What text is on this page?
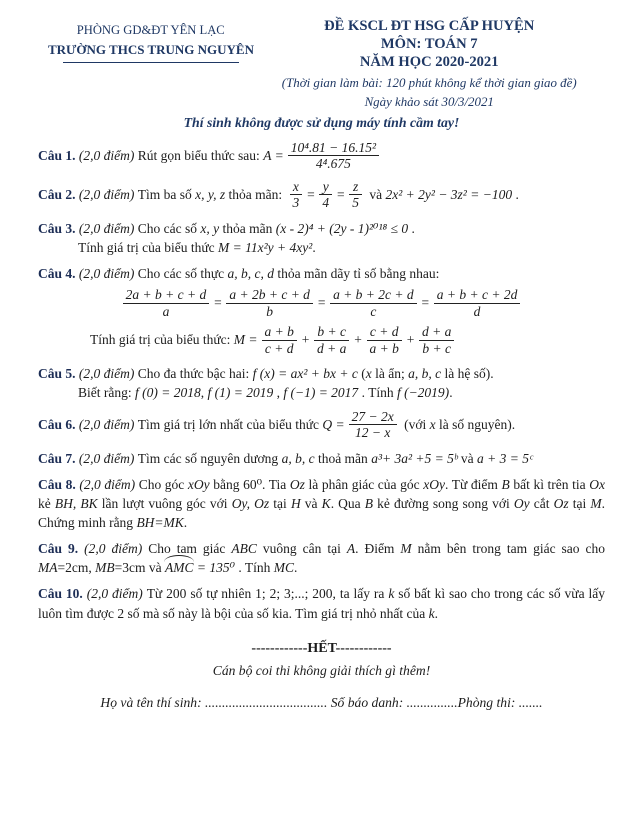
PHÒNG GD&ĐT YÊN LẠC
TRƯỜNG THCS TRUNG NGUYÊN
ĐỀ KSCL ĐT HSG CẤP HUYỆN
MÔN: TOÁN 7
NĂM HỌC 2020-2021
(Thời gian làm bài: 120 phút không kể thời gian giao đề)
Ngày khảo sát 30/3/2021
Thí sinh không được sử dụng máy tính cầm tay!
Câu 1. (2,0 điểm) Rút gọn biểu thức sau: $A = \frac{\text{10⁴.81 − 16.15²}}{\text{4⁴.675}}$
Câu 2. (2,0 điểm) Tìm ba số x, y, z thỏa mãn: $\frac{x}{3} = \frac{y}{4} = \frac{z}{5}$ và 2x² + 2y² − 3z² = −100 .
Câu 3. (2,0 điểm) Cho các số x, y thỏa mãn (x - 2)⁴ + (2y - 1)²⁰¹⁸ ≤ 0 .
Tính giá trị của biểu thức M = 11x²y + 4xy².
Câu 4. (2,0 điểm) Cho các số thực a, b, c, d thỏa mãn dãy tỉ số bằng nhau:
$\frac{2a + b + c + d}{a} = \frac{a + 2b + c + d}{b} = \frac{a + b + 2c + d}{c} = \frac{a + b + c + 2d}{d}$
Tính giá trị của biểu thức: $M = \frac{a + b}{c + d} + \frac{b + c}{d + a} + \frac{c + d}{a + b} + \frac{d + a}{b + c}$
Câu 5. (2,0 điểm) Cho đa thức bậc hai: f (x) = ax² + bx + c (x là ẩn; a, b, c là hệ số).
Biết rằng: f (0) = 2018, f (1) = 2019 , f (−1) = 2017 . Tính f (−2019).
Câu 6. (2,0 điểm) Tìm giá trị lớn nhất của biểu thức $Q = \frac{27 - 2x}{12 - x}$ (với x là số nguyên).
Câu 7. (2,0 điểm) Tìm các số nguyên dương a, b, c thoả mãn a³+ 3a² +5 = 5ᵇ và a + 3 = 5ᶜ
Câu 8. (2,0 điểm) Cho góc xOy bằng 60⁰. Tia Oz là phân giác của góc xOy. Từ điểm B bất kì trên tia Ox kẻ BH, BK lần lượt vuông góc với Oy, Oz tại H và K. Qua B kẻ đường song song với Oy cắt Oz tại M. Chứng minh rằng BH=MK.
Câu 9. (2,0 điểm) Cho tam giác ABC vuông cân tại A. Điểm M nằm bên trong tam giác sao cho MA=2cm, MB=3cm và AMC = 135⁰ . Tính MC.
Câu 10. (2,0 điểm) Từ 200 số tự nhiên 1; 2; 3;...; 200, ta lấy ra k số bất kì sao cho trong các số vừa lấy luôn tìm được 2 số mà số này là bội của số kia. Tìm giá trị nhỏ nhất của k.
------------HẾT------------
Cán bộ coi thi không giải thích gì thêm!
Họ và tên thí sinh: .................................... Số báo danh: ...............Phòng thi: .......
